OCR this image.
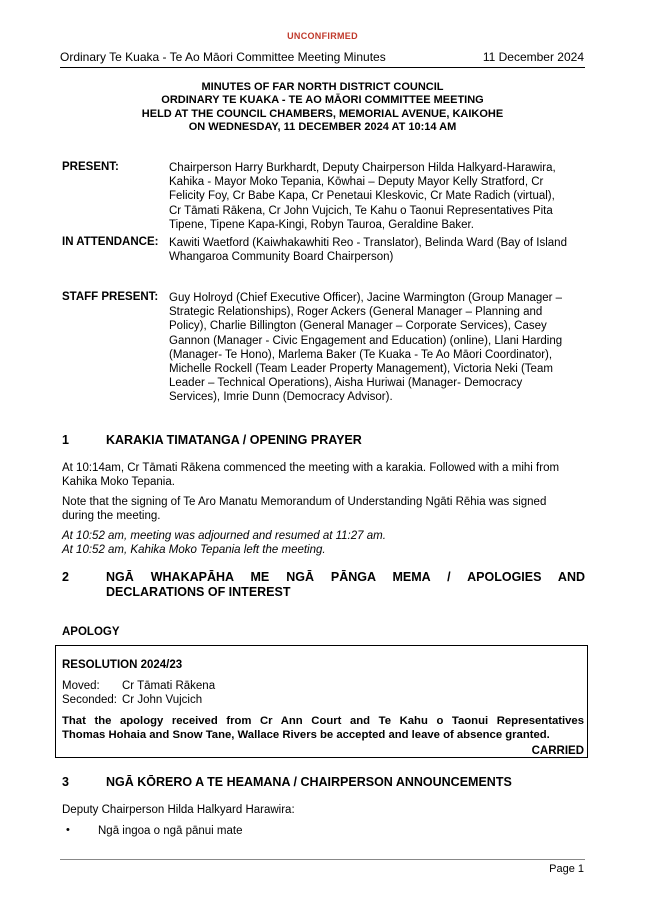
UNCONFIRMED
Ordinary Te Kuaka - Te Ao Māori Committee Meeting Minutes	11 December 2024
MINUTES OF FAR NORTH DISTRICT COUNCIL
ORDINARY TE KUAKA - TE AO MĀORI COMMITTEE MEETING
HELD AT THE COUNCIL CHAMBERS, MEMORIAL AVENUE, KAIKOHE
ON WEDNESDAY, 11 DECEMBER 2024 AT 10:14 AM
PRESENT:	Chairperson Harry Burkhardt, Deputy Chairperson Hilda Halkyard-Harawira,
Kahika - Mayor Moko Tepania, Kōwhai – Deputy Mayor Kelly Stratford, Cr
Felicity Foy, Cr Babe Kapa, Cr Penetaui Kleskovic, Cr Mate Radich (virtual),
Cr Tāmati Rākena, Cr John Vujcich, Te Kahu o Taonui Representatives Pita
Tipene, Tipene Kapa-Kingi, Robyn Tauroa, Geraldine Baker.
IN ATTENDANCE: Kawiti Waetford (Kaiwhakawhiti Reo - Translator), Belinda Ward (Bay of Island
Whangaroa Community Board Chairperson)
STAFF PRESENT: Guy Holroyd (Chief Executive Officer), Jacine Warmington (Group Manager –
Strategic Relationships), Roger Ackers (General Manager – Planning and
Policy), Charlie Billington (General Manager – Corporate Services), Casey
Gannon (Manager - Civic Engagement and Education) (online), Llani Harding
(Manager- Te Hono), Marlema Baker (Te Kuaka - Te Ao Māori Coordinator),
Michelle Rockell (Team Leader Property Management), Victoria Neki (Team
Leader – Technical Operations), Aisha Huriwai (Manager- Democracy
Services), Imrie Dunn (Democracy Advisor).
1	KARAKIA TIMATANGA / OPENING PRAYER
At 10:14am, Cr Tāmati Rākena commenced the meeting with a karakia. Followed with a mihi from
Kahika Moko Tepania.
Note that the signing of Te Aro Manatu Memorandum of Understanding Ngāti Rēhia was signed
during the meeting.
At 10:52 am, meeting was adjourned and resumed at 11:27 am.
At 10:52 am, Kahika Moko Tepania left the meeting.
2	NGĀ WHAKAPĀHA ME NGĀ PĀNGA MEMA / APOLOGIES AND
DECLARATIONS OF INTEREST
APOLOGY
RESOLUTION 2024/23
Moved: Cr Tāmati Rākena
Seconded: Cr John Vujcich
That the apology received from Cr Ann Court and Te Kahu o Taonui Representatives
Thomas Hohaia and Snow Tane, Wallace Rivers be accepted and leave of absence granted.
CARRIED
3	NGĀ KŌRERO A TE HEAMANA / CHAIRPERSON ANNOUNCEMENTS
Deputy Chairperson Hilda Halkyard Harawira:
• Ngā ingoa o ngā pānui mate
Page 1
